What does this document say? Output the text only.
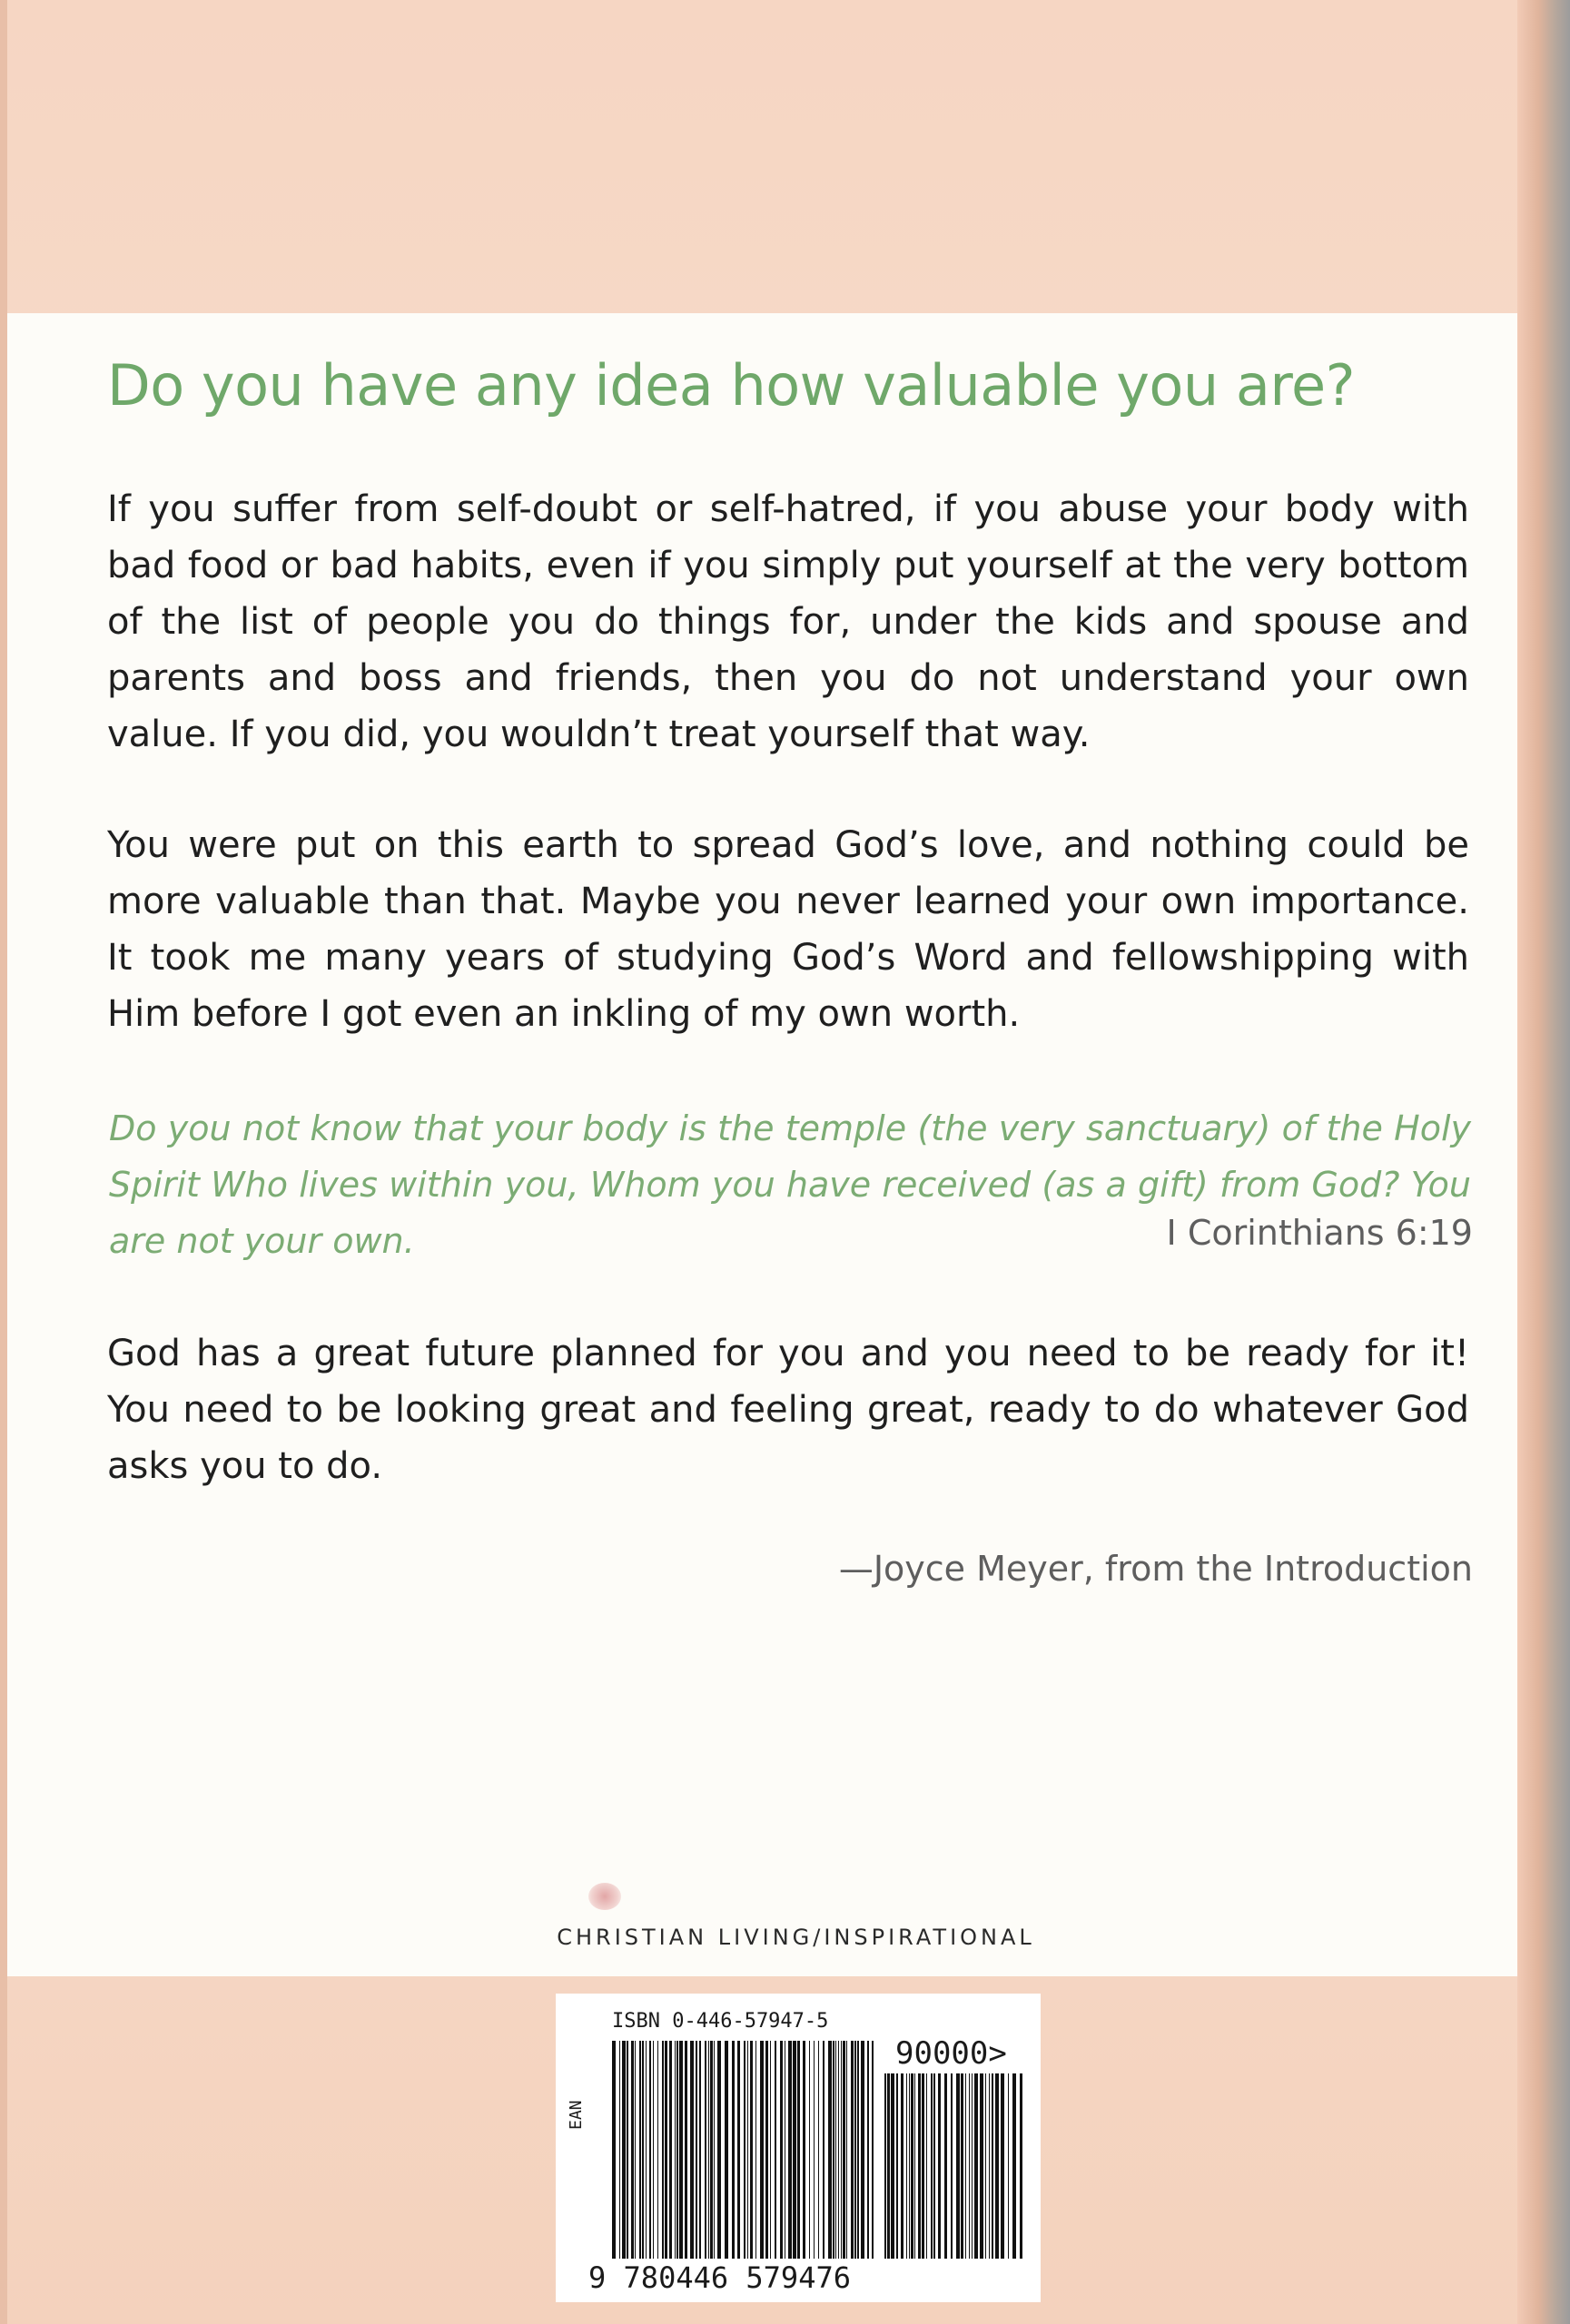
Do you have any idea how valuable you are?

If you suffer from self-doubt or self-hatred, if you abuse your body with bad food or bad habits, even if you simply put yourself at the very bottom of the list of people you do things for, under the kids and spouse and parents and boss and friends, then you do not understand your own value. If you did, you wouldn’t treat yourself that way.

You were put on this earth to spread God’s love, and nothing could be more valuable than that. Maybe you never learned your own importance. It took me many years of studying God’s Word and fellowshipping with Him before I got even an inkling of my own worth.

Do you not know that your body is the temple (the very sanctuary) of the Holy Spirit Who lives within you, Whom you have received (as a gift) from God? You are not your own.	I Corinthians 6:19

God has a great future planned for you and you need to be ready for it! You need to be looking great and feeling great, ready to do whatever God asks you to do.

—Joyce Meyer, from the Introduction
CHRISTIAN LIVING/INSPIRATIONAL
ISBN 0-446-57947-5
EAN
90000>
9 780446 579476
